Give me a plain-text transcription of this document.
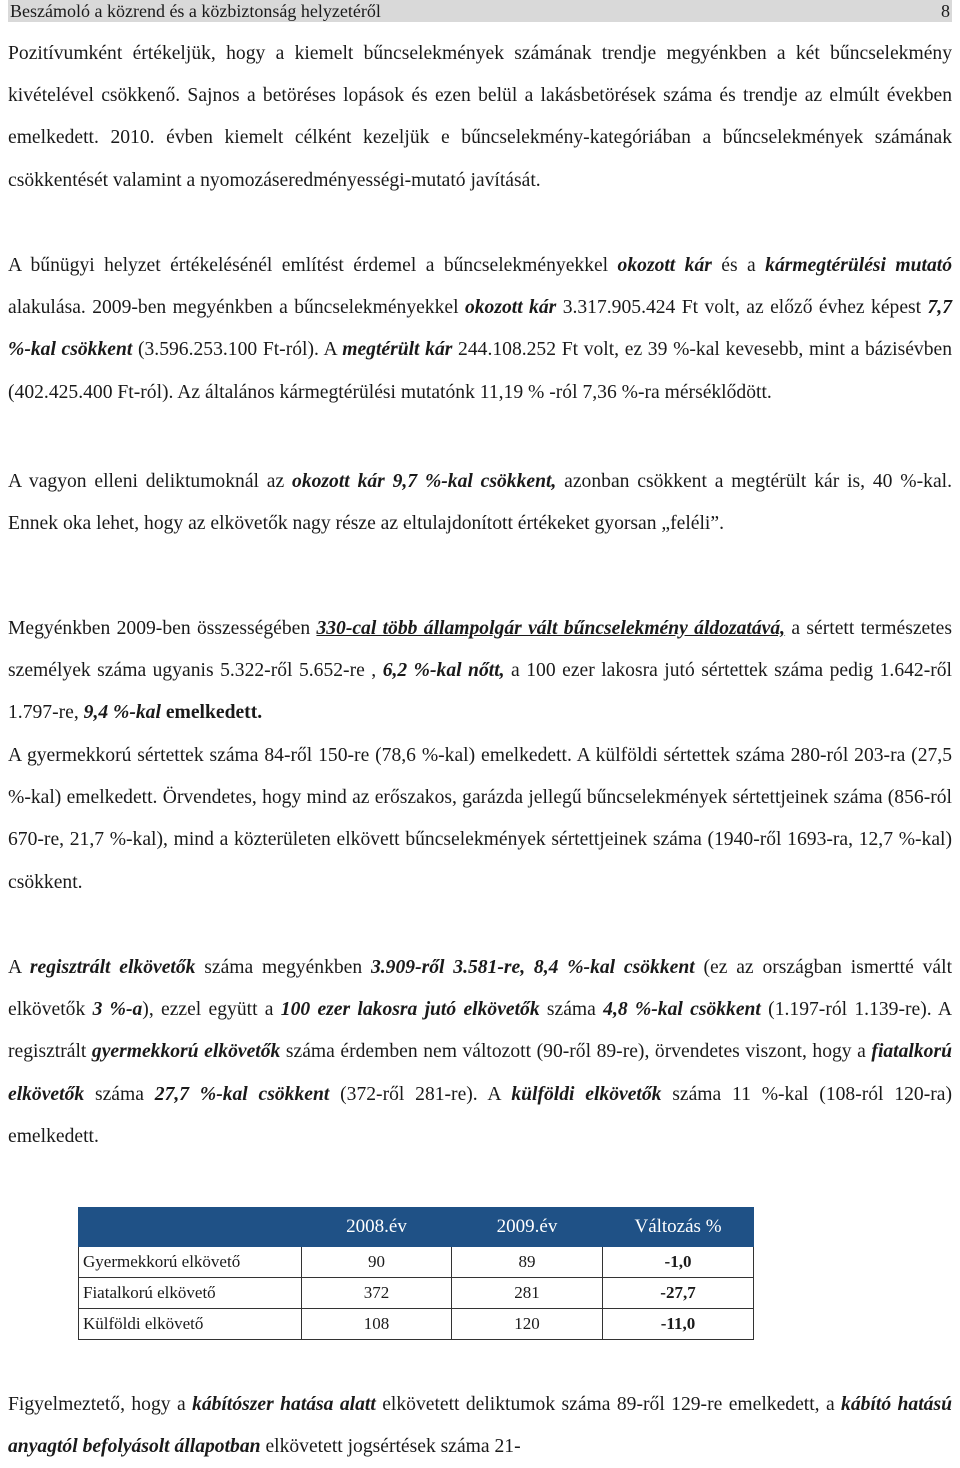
Beszámoló a közrend és a közbiztonság helyzetéről	8

Pozitívumként értékeljük, hogy a kiemelt bűncselekmények számának trendje megyénkben a két bűncselekmény kivételével csökkenő. Sajnos a betöréses lopások és ezen belül a lakásbetörések száma és trendje az elmúlt években emelkedett. 2010. évben kiemelt célként kezeljük e bűncselekmény-kategóriában a bűncselekmények számának csökkentését valamint a nyomozáseredményességi-mutató javítását.

A bűnügyi helyzet értékelésénél említést érdemel a bűncselekményekkel okozott kár és a kármegtérülési mutató alakulása. 2009-ben megyénkben a bűncselekményekkel okozott kár 3.317.905.424 Ft volt, az előző évhez képest 7,7 %-kal csökkent (3.596.253.100 Ft-ról). A megtérült kár 244.108.252 Ft volt, ez 39 %-kal kevesebb, mint a bázisévben (402.425.400 Ft-ról). Az általános kármegtérülési mutatónk 11,19 % -ról 7,36 %-ra mérséklődött.

A vagyon elleni deliktumoknál az okozott kár 9,7 %-kal csökkent, azonban csökkent a megtérült kár is, 40 %-kal. Ennek oka lehet, hogy az elkövetők nagy része az eltulajdonított értékeket gyorsan „feléli”.

Megyénkben 2009-ben összességében 330-cal több állampolgár vált bűncselekmény áldozatává, a sértett természetes személyek száma ugyanis 5.322-ről 5.652-re , 6,2 %-kal nőtt, a 100 ezer lakosra jutó sértettek száma pedig 1.642-ről 1.797-re, 9,4 %-kal emelkedett.

A gyermekkorú sértettek száma 84-ről 150-re (78,6 %-kal) emelkedett. A külföldi sértettek száma 280-ról 203-ra (27,5 %-kal) emelkedett. Örvendetes, hogy mind az erőszakos, garázda jellegű bűncselekmények sértettjeinek száma (856-ról 670-re, 21,7 %-kal), mind a közterületen elkövett bűncselekmények sértettjeinek száma (1940-ről 1693-ra, 12,7 %-kal) csökkent.

A regisztrált elkövetők száma megyénkben 3.909-ről 3.581-re, 8,4 %-kal csökkent (ez az országban ismertté vált elkövetők 3 %-a), ezzel együtt a 100 ezer lakosra jutó elkövetők száma 4,8 %-kal csökkent (1.197-ról 1.139-re). A regisztrált gyermekkorú elkövetők száma érdemben nem változott (90-ről 89-re), örvendetes viszont, hogy a fiatalkorú elkövetők száma 27,7 %-kal csökkent (372-ről 281-re). A külföldi elkövetők száma 11 %-kal (108-ról 120-ra) emelkedett.

	2008.év	2009.év	Változás %
Gyermekkorú elkövető	90	89	-1,0
Fiatalkorú elkövető	372	281	-27,7
Külföldi elkövető	108	120	-11,0

Figyelmeztető, hogy a kábítószer hatása alatt elkövetett deliktumok száma 89-ről 129-re emelkedett, a kábító hatású anyagtól befolyásolt állapotban elkövetett jogsértések száma 21-
